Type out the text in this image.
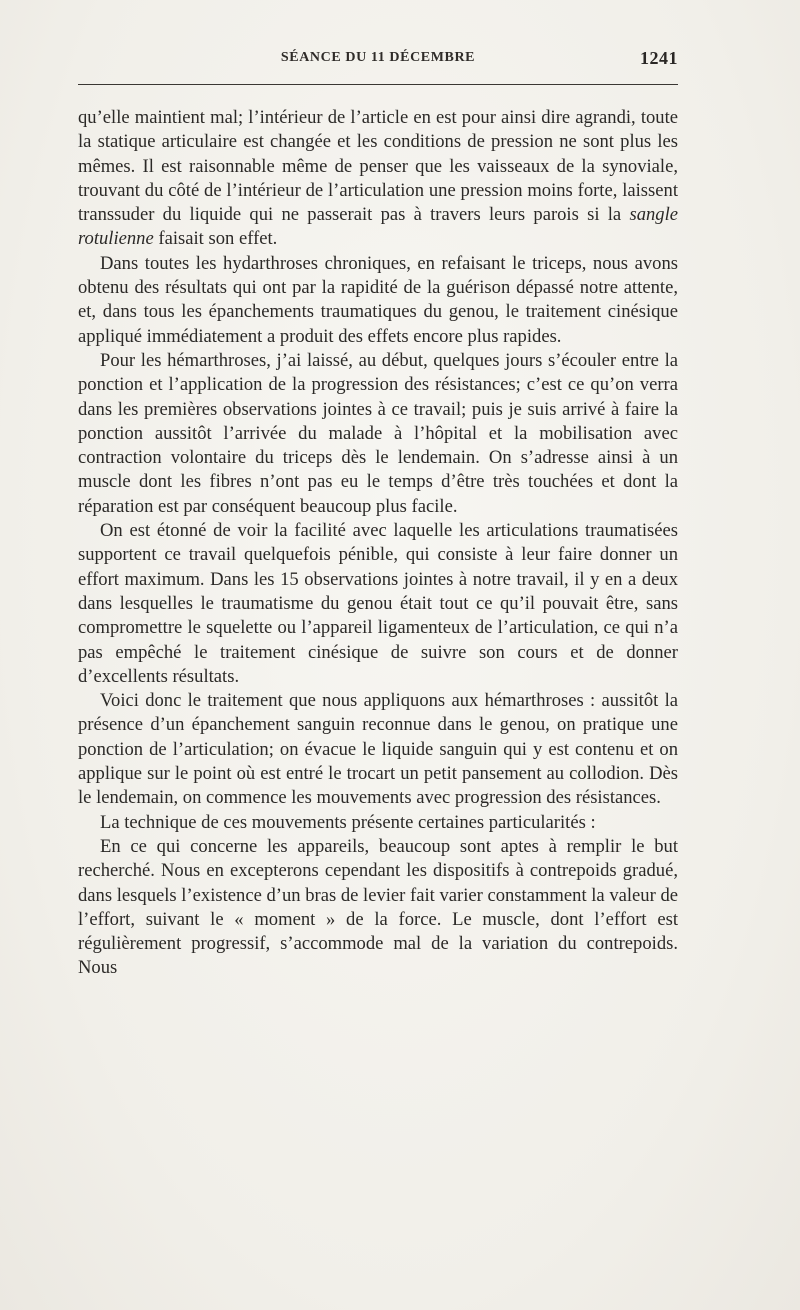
SÉANCE DU 11 DÉCEMBRE	1241

qu’elle maintient mal; l’intérieur de l’article en est pour ainsi dire agrandi, toute la statique articulaire est changée et les conditions de pression ne sont plus les mêmes. Il est raisonnable même de penser que les vaisseaux de la synoviale, trouvant du côté de l’intérieur de l’articulation une pression moins forte, laissent transsuder du liquide qui ne passerait pas à travers leurs parois si la sangle rotulienne faisait son effet.

Dans toutes les hydarthroses chroniques, en refaisant le triceps, nous avons obtenu des résultats qui ont par la rapidité de la guérison dépassé notre attente, et, dans tous les épanchements traumatiques du genou, le traitement cinésique appliqué immédiatement a produit des effets encore plus rapides.

Pour les hémarthroses, j’ai laissé, au début, quelques jours s’écouler entre la ponction et l’application de la progression des résistances; c’est ce qu’on verra dans les premières observations jointes à ce travail; puis je suis arrivé à faire la ponction aussitôt l’arrivée du malade à l’hôpital et la mobilisation avec contraction volontaire du triceps dès le lendemain. On s’adresse ainsi à un muscle dont les fibres n’ont pas eu le temps d’être très touchées et dont la réparation est par conséquent beaucoup plus facile.

On est étonné de voir la facilité avec laquelle les articulations traumatisées supportent ce travail quelquefois pénible, qui consiste à leur faire donner un effort maximum. Dans les 15 observations jointes à notre travail, il y en a deux dans lesquelles le traumatisme du genou était tout ce qu’il pouvait être, sans compromettre le squelette ou l’appareil ligamenteux de l’articulation, ce qui n’a pas empêché le traitement cinésique de suivre son cours et de donner d’excellents résultats.

Voici donc le traitement que nous appliquons aux hémarthroses : aussitôt la présence d’un épanchement sanguin reconnue dans le genou, on pratique une ponction de l’articulation; on évacue le liquide sanguin qui y est contenu et on applique sur le point où est entré le trocart un petit pansement au collodion. Dès le lendemain, on commence les mouvements avec progression des résistances.

La technique de ces mouvements présente certaines particularités :

En ce qui concerne les appareils, beaucoup sont aptes à remplir le but recherché. Nous en excepterons cependant les dispositifs à contrepoids gradué, dans lesquels l’existence d’un bras de levier fait varier constamment la valeur de l’effort, suivant le « moment » de la force. Le muscle, dont l’effort est régulièrement progressif, s’accommode mal de la variation du contrepoids. Nous
